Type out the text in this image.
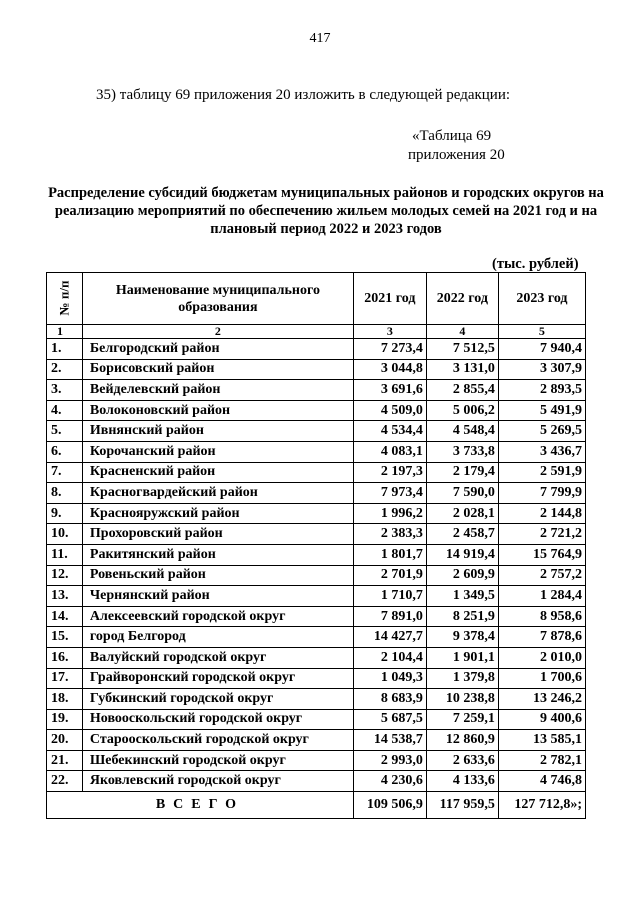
417
35) таблицу 69 приложения 20 изложить в следующей редакции:
«Таблица 69
приложения 20
Распределение субсидий бюджетам муниципальных районов и городских округов на реализацию мероприятий по обеспечению жильем молодых семей на 2021 год и на плановый период 2022 и 2023 годов
(тыс. рублей)
№ п/п	Наименование муниципального образования	2021 год	2022 год	2023 год
1	2	3	4	5
1.	Белгородский район	7 273,4	7 512,5	7 940,4
2.	Борисовский район	3 044,8	3 131,0	3 307,9
3.	Вейделевский район	3 691,6	2 855,4	2 893,5
4.	Волоконовский район	4 509,0	5 006,2	5 491,9
5.	Ивнянский район	4 534,4	4 548,4	5 269,5
6.	Корочанский район	4 083,1	3 733,8	3 436,7
7.	Красненский район	2 197,3	2 179,4	2 591,9
8.	Красногвардейский район	7 973,4	7 590,0	7 799,9
9.	Краснояружский район	1 996,2	2 028,1	2 144,8
10.	Прохоровский район	2 383,3	2 458,7	2 721,2
11.	Ракитянский район	1 801,7	14 919,4	15 764,9
12.	Ровеньский район	2 701,9	2 609,9	2 757,2
13.	Чернянский район	1 710,7	1 349,5	1 284,4
14.	Алексеевский городской округ	7 891,0	8 251,9	8 958,6
15.	город Белгород	14 427,7	9 378,4	7 878,6
16.	Валуйский городской округ	2 104,4	1 901,1	2 010,0
17.	Грайворонский городской округ	1 049,3	1 379,8	1 700,6
18.	Губкинский городской округ	8 683,9	10 238,8	13 246,2
19.	Новооскольский городской округ	5 687,5	7 259,1	9 400,6
20.	Старооскольский городской округ	14 538,7	12 860,9	13 585,1
21.	Шебекинский городской округ	2 993,0	2 633,6	2 782,1
22.	Яковлевский городской округ	4 230,6	4 133,6	4 746,8
ВСЕГО		109 506,9	117 959,5	127 712,8»;
